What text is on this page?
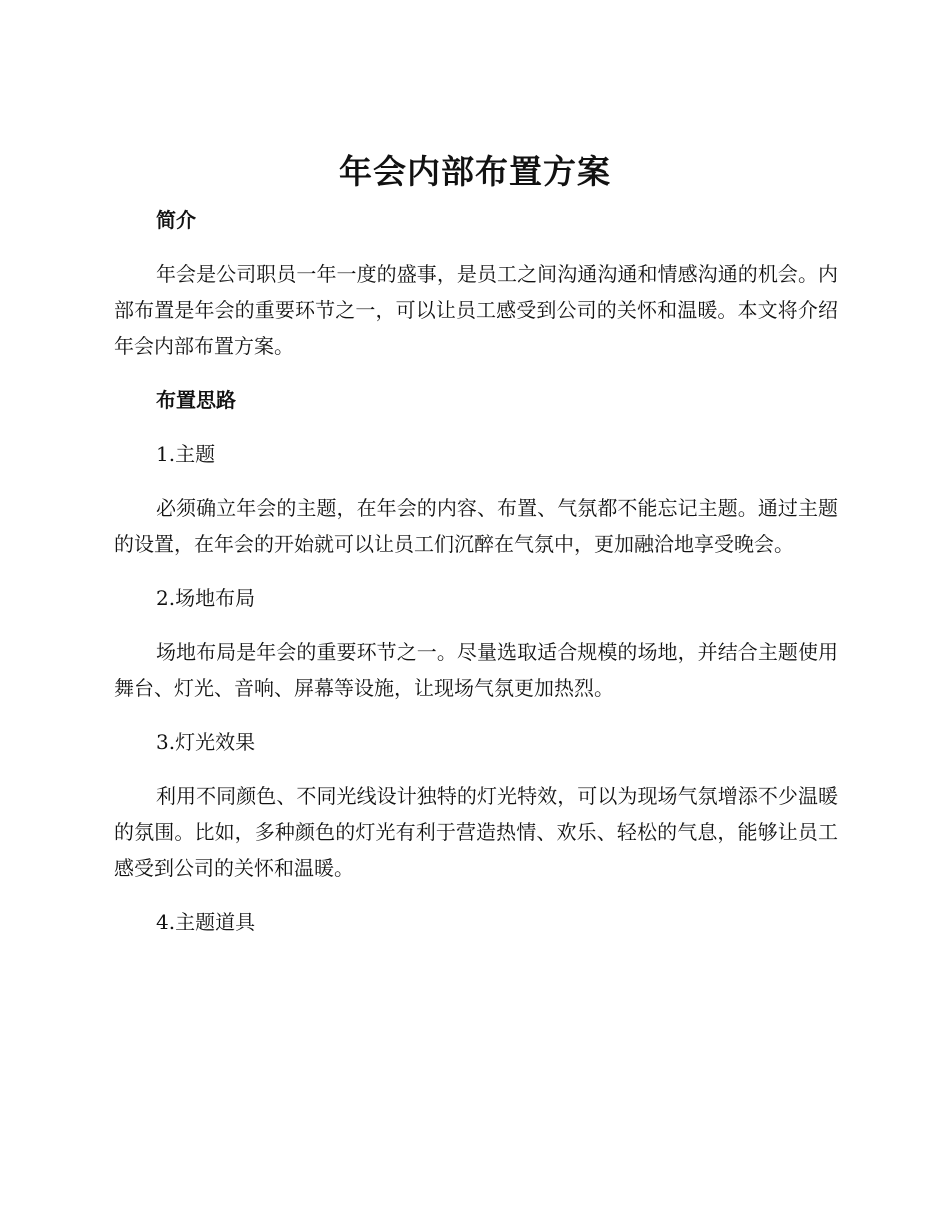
年会内部布置方案
简介
年会是公司职员一年一度的盛事，是员工之间沟通沟通和情感沟通的机会。内部布置是年会的重要环节之一，可以让员工感受到公司的关怀和温暖。本文将介绍年会内部布置方案。
布置思路
1.主题
必须确立年会的主题，在年会的内容、布置、气氛都不能忘记主题。通过主题的设置，在年会的开始就可以让员工们沉醉在气氛中，更加融洽地享受晚会。
2.场地布局
场地布局是年会的重要环节之一。尽量选取适合规模的场地，并结合主题使用舞台、灯光、音响、屏幕等设施，让现场气氛更加热烈。
3.灯光效果
利用不同颜色、不同光线设计独特的灯光特效，可以为现场气氛增添不少温暖的氛围。比如，多种颜色的灯光有利于营造热情、欢乐、轻松的气息，能够让员工感受到公司的关怀和温暖。
4.主题道具
